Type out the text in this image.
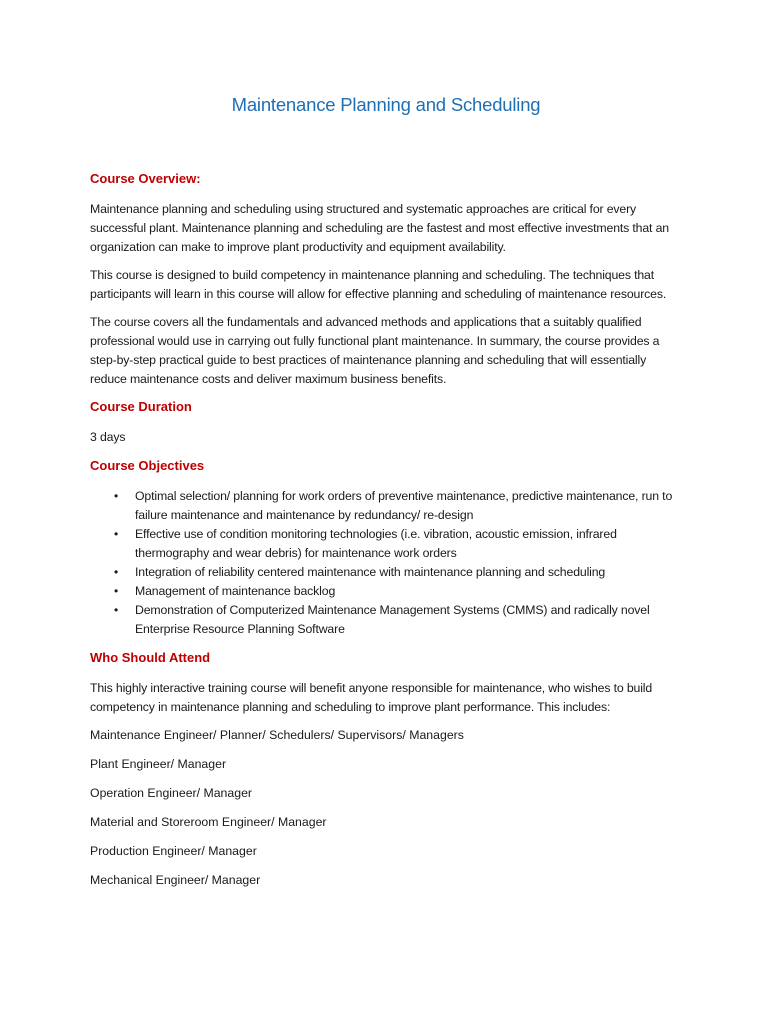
Maintenance Planning and Scheduling
Course Overview:

Maintenance planning and scheduling using structured and systematic approaches are critical for every successful plant. Maintenance planning and scheduling are the fastest and most effective investments that an organization can make to improve plant productivity and equipment availability.

This course is designed to build competency in maintenance planning and scheduling. The techniques that participants will learn in this course will allow for effective planning and scheduling of maintenance resources.

The course covers all the fundamentals and advanced methods and applications that a suitably qualified professional would use in carrying out fully functional plant maintenance. In summary, the course provides a step-by-step practical guide to best practices of maintenance planning and scheduling that will essentially reduce maintenance costs and deliver maximum business benefits.

Course Duration

3 days

Course Objectives
• Optimal selection/ planning for work orders of preventive maintenance, predictive maintenance, run to failure maintenance and maintenance by redundancy/ re-design
• Effective use of condition monitoring technologies (i.e. vibration, acoustic emission, infrared thermography and wear debris) for maintenance work orders
• Integration of reliability centered maintenance with maintenance planning and scheduling
• Management of maintenance backlog
• Demonstration of Computerized Maintenance Management Systems (CMMS) and radically novel Enterprise Resource Planning Software
Who Should Attend

This highly interactive training course will benefit anyone responsible for maintenance, who wishes to build competency in maintenance planning and scheduling to improve plant performance. This includes:

Maintenance Engineer/ Planner/ Schedulers/ Supervisors/ Managers

Plant Engineer/ Manager

Operation Engineer/ Manager

Material and Storeroom Engineer/ Manager

Production Engineer/ Manager

Mechanical Engineer/ Manager
